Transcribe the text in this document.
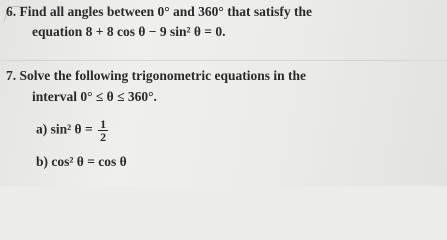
6. Find all angles between 0° and 360° that satisfy the
equation 8 + 8 cos θ − 9 sin² θ = 0.
7. Solve the following trigonometric equations in the
interval 0° ≤ θ ≤ 360°.
a) sin² $\theta = \frac{1}{2}$
b) cos² θ = cos θ
